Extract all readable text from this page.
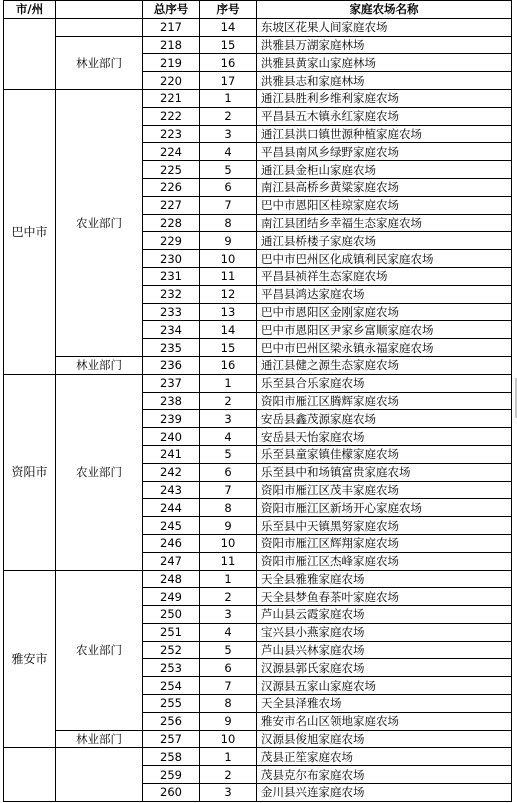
市/州		总序号	序号	家庭农场名称
		217	14	东坡区花果人间家庭农场
	林业部门	218	15	洪雅县万湖家庭林场
		219	16	洪雅县黄家山家庭林场
		220	17	洪雅县志和家庭林场
巴中市	农业部门	221	1	通江县胜利乡维利家庭农场
		222	2	平昌县五木镇永红家庭农场
		223	3	通江县洪口镇世源种植家庭农场
		224	4	平昌县南风乡绿野家庭农场
		225	5	通江县金柜山家庭农场
		226	6	南江县高桥乡黄粱家庭农场
		227	7	巴中市恩阳区桂琼家庭农场
		228	8	南江县团结乡幸福生态家庭农场
		229	9	通江县桥楼子家庭农场
		230	10	巴中市巴州区化成镇利民家庭农场
		231	11	平昌县祯祥生态家庭农场
		232	12	平昌县鸿达家庭农场
		233	13	巴中市恩阳区金刚家庭农场
		234	14	巴中市恩阳区尹家乡富顺家庭农场
		235	15	巴中市巴州区梁永镇永福家庭农场
	林业部门	236	16	通江县健之源生态家庭农场
资阳市	农业部门	237	1	乐至县合乐家庭农场
		238	2	资阳市雁江区腾辉家庭农场
		239	3	安岳县鑫茂源家庭农场
		240	4	安岳县天怡家庭农场
		241	5	乐至县童家镇佳檬家庭农场
		242	6	乐至县中和场镇富贵家庭农场
		243	7	资阳市雁江区茂丰家庭农场
		244	8	资阳市雁江区新场开心家庭农场
		245	9	乐至县中天镇黑努家庭农场
		246	10	资阳市雁江区辉翔家庭农场
		247	11	资阳市雁江区杰峰家庭农场
雅安市	农业部门	248	1	天全县雅雅家庭农场
		249	2	天全县梦鱼春茶叶家庭农场
		250	3	芦山县云霞家庭农场
		251	4	宝兴县小燕家庭农场
		252	5	芦山县兴林家庭农场
		253	6	汉源县郭氏家庭农场
		254	7	汉源县五家山家庭农场
		255	8	天全县泽雅农场
		256	9	雅安市名山区领地家庭农场
	林业部门	257	10	汉源县俊旭家庭农场
		258	1	茂县正笙家庭农场
		259	2	茂县克尔布家庭农场
		260	3	金川县兴连家庭农场
